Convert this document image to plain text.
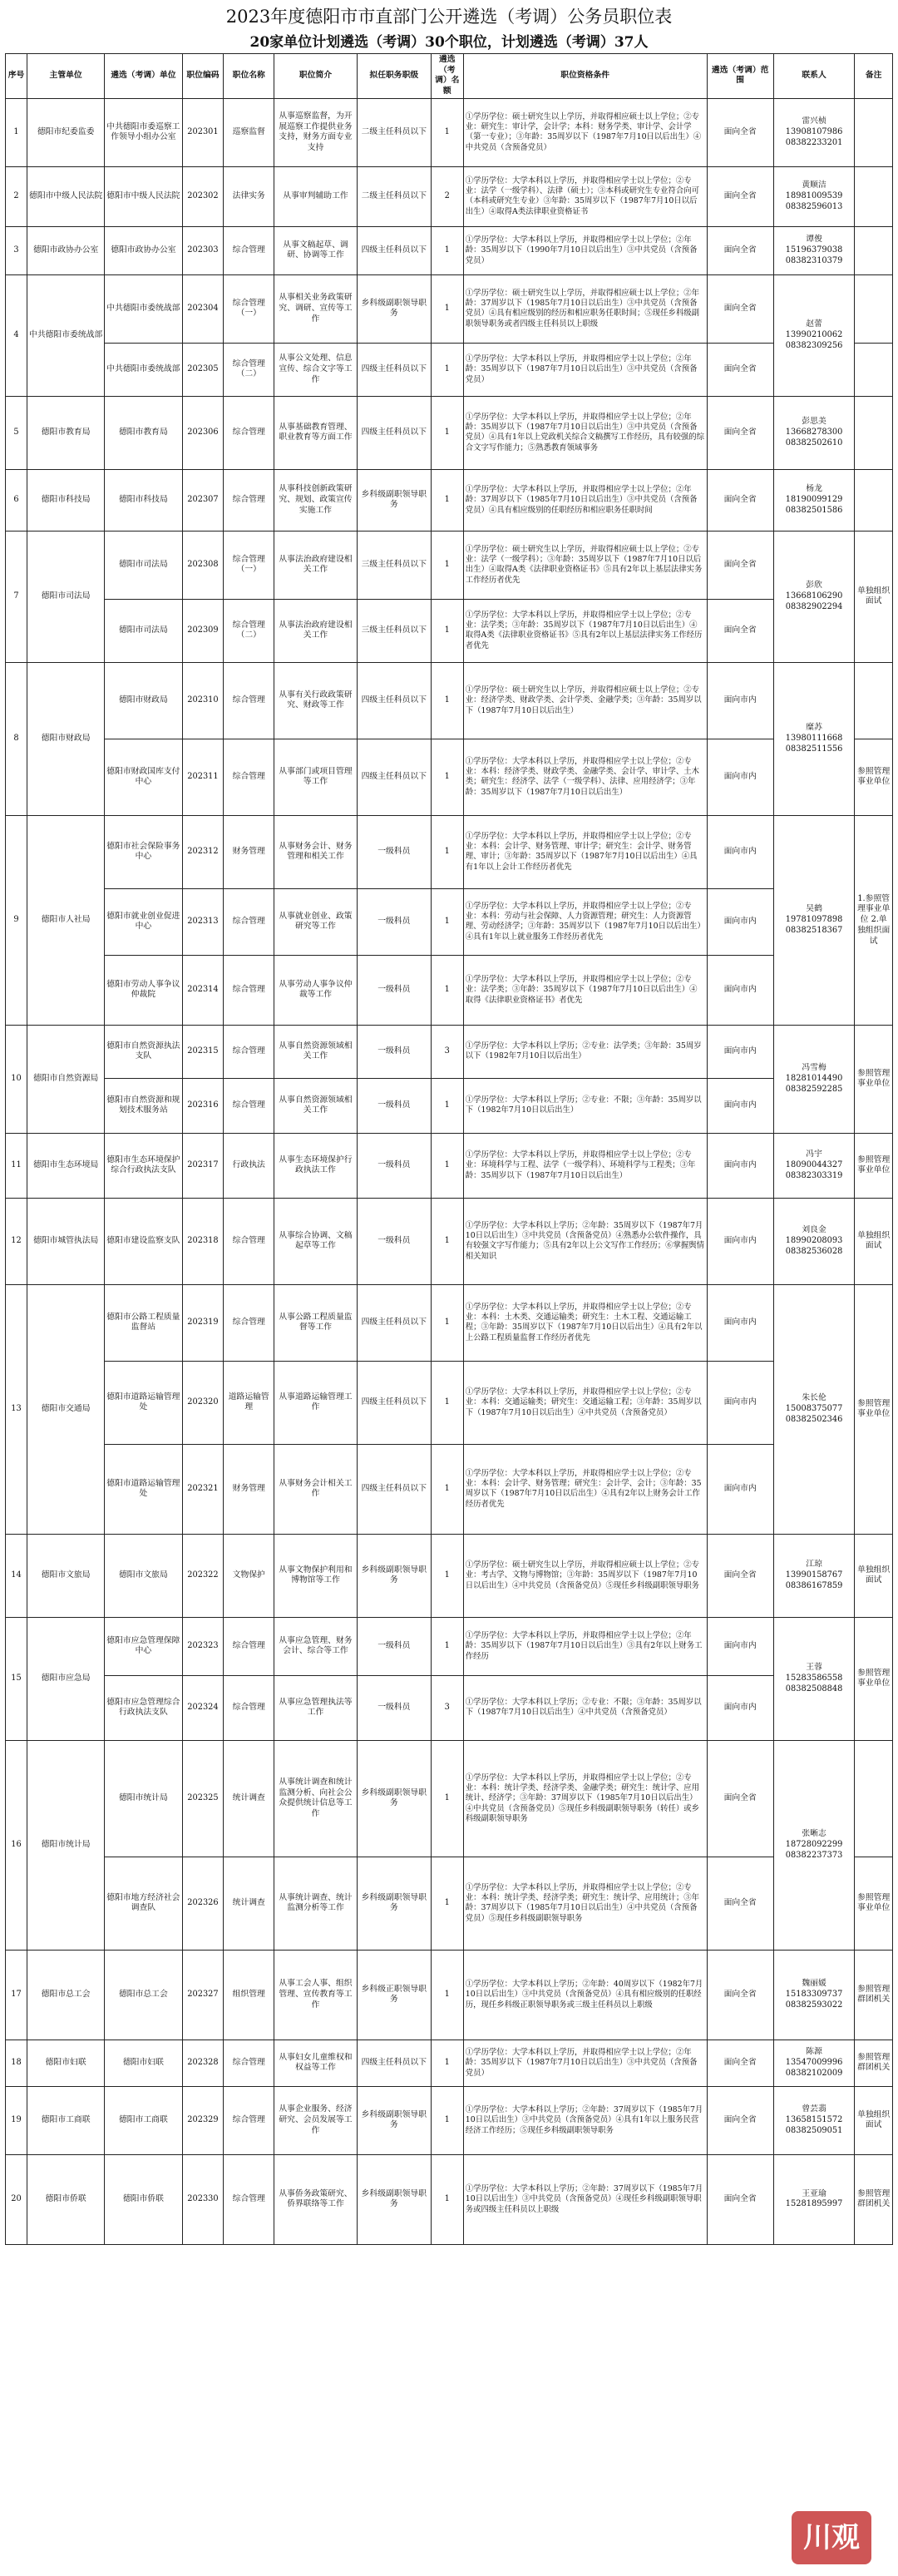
2023年度德阳市市直部门公开遴选（考调）公务员职位表
20家单位计划遴选（考调）30个职位，计划遴选（考调）37人
序号	主管单位	遴选（考调）单位	职位编码	职位名称	职位简介	拟任职务职级	遴选（考调）名额	职位资格条件	遴选（考调）范围	联系人	备注
1	德阳市纪委监委	中共德阳市委巡察工作领导小组办公室	202301	巡察监督	从事巡察监督，为开展巡察工作提供业务支持，财务方面专业支持	二级主任科员以下	1	①学历学位：硕士研究生以上学历，并取得相应硕士以上学位；②专业：研究生：审计学，会计学；本科：财务学类、审计学、会计学（第一专业）；③年龄：35周岁以下（1987年7月10日以后出生）④中共党员（含预备党员）	面向全省	雷兴桢
13908107986
08382233201	
2	德阳市中级人民法院	德阳市中级人民法院	202302	法律实务	从事审判辅助工作	二级主任科员以下	2	①学历学位：大学本科以上学历，并取得相应学士以上学位；②专业：法学（一级学科）、法律（硕士）；③本科或研究生专业符合向可（本科或研究生专业）③年龄：35周岁以下（1987年7月10日以后出生）④取得A类法律职业资格证书	面向全省	黄顺洁
18981009539
08382596013	
3	德阳市政协办公室	德阳市政协办公室	202303	综合管理	从事文稿起草、调研、协调等工作	四级主任科员以下	1	①学历学位：大学本科以上学历，并取得相应学士以上学位；②年龄：35周岁以下（1990年7月10日以后出生）③中共党员（含预备党员）	面向全省	谭俊
15196379038
08382310379	
4	中共德阳市委统战部	中共德阳市委统战部	202304	综合管理（一）	从事相关业务政策研究、调研、宣传等工作	乡科级副职领导职务	1	①学历学位：硕士研究生以上学历，并取得相应硕士以上学位；②年龄：37周岁以下（1985年7月10日以后出生）③中共党员（含预备党员）④具有相应级别的经历和相应职务任职时间；⑤现任乡科级副职领导职务或者四级主任科员以上职级	面向全省	赵蕾
13990210062
08382309256	
		中共德阳市委统战部	202305	综合管理（二）	从事公文处理、信息宣传、综合文字等工作	四级主任科员以下	1	①学历学位：大学本科以上学历，并取得相应学士以上学位；②年龄：35周岁以下（1987年7月10日以后出生）③中共党员（含预备党员）	面向全省		
5	德阳市教育局	德阳市教育局	202306	综合管理	从事基础教育管理、职业教育等方面工作	四级主任科员以下	1	①学历学位：大学本科以上学历，并取得相应学士以上学位；②年龄：35周岁以下（1987年7月10日以后出生）③中共党员（含预备党员）④具有1年以上党政机关综合文稿撰写工作经历，具有较强的综合文字写作能力；⑤熟悉教育领域事务	面向全省	彭思美
13668278300
08382502610	
6	德阳市科技局	德阳市科技局	202307	综合管理	从事科技创新政策研究、规划、政策宣传实施工作	乡科级副职领导职务	1	①学历学位：大学本科以上学历，并取得相应学士以上学位；②年龄：37周岁以下（1985年7月10日以后出生）③中共党员（含预备党员）④具有相应级别的任职经历和相应职务任职时间	面向全省	杨龙
18190099129
08382501586	
7	德阳市司法局	德阳市司法局	202308	综合管理（一）	从事法治政府建设相关工作	三级主任科员以下	1	①学历学位：硕士研究生以上学历，并取得相应硕士以上学位；②专业：法学（一级学科）；③年龄：35周岁以下（1987年7月10日以后出生）④取得A类《法律职业资格证书》⑤具有2年以上基层法律实务工作经历者优先	面向全省	彭欣
13668106290
08382902294	单独组织面试
		德阳市司法局	202309	综合管理（二）	从事法治政府建设相关工作	三级主任科员以下	1	①学历学位：大学本科以上学历，并取得相应学士以上学位；②专业：法学类；③年龄：35周岁以下（1987年7月10日以后出生）④取得A类《法律职业资格证书》⑤具有2年以上基层法律实务工作经历者优先	面向全省		
8	德阳市财政局	德阳市财政局	202310	综合管理	从事有关行政政策研究、财政等工作	四级主任科员以下	1	①学历学位：硕士研究生以上学历，并取得相应硕士以上学位；②专业：经济学类、财政学类、会计学类、金融学类；③年龄：35周岁以下（1987年7月10日以后出生）	面向市内	糜苏
13980111668
08382511556	
		德阳市财政国库支付中心	202311	综合管理	从事部门或项目管理等工作	四级主任科员以下	1	①学历学位：大学本科以上学历，并取得相应学士以上学位；②专业：本科：经济学类、财政学类、金融学类、会计学、审计学、土木类；研究生：经济学、法学（一级学科）、法律、应用经济学；③年龄：35周岁以下（1987年7月10日以后出生）	面向市内		参照管理事业单位
9	德阳市人社局	德阳市社会保险事务中心	202312	财务管理	从事财务会计、财务管理和相关工作	一级科员	1	①学历学位：大学本科以上学历，并取得相应学士以上学位；②专业：本科：会计学、财务管理、审计学；研究生：会计学、财务管理、审计；③年龄：35周岁以下（1987年7月10日以后出生）④具有1年以上会计工作经历者优先	面向市内	吴鹤
19781097898
08382518367	1.参照管理事业单位 2.单独组织面试
		德阳市就业创业促进中心	202313	综合管理	从事就业创业、政策研究等工作	一级科员	1	①学历学位：大学本科以上学历，并取得相应学士以上学位；②专业：本科：劳动与社会保障、人力资源管理；研究生：人力资源管理、劳动经济学；③年龄：35周岁以下（1987年7月10日以后出生）④具有1年以上就业服务工作经历者优先	面向市内		
		德阳市劳动人事争议仲裁院	202314	综合管理	从事劳动人事争议仲裁等工作	一级科员	1	①学历学位：大学本科以上学历，并取得相应学士以上学位；②专业：法学类；③年龄：35周岁以下（1987年7月10日以后出生）④取得《法律职业资格证书》者优先	面向市内		
10	德阳市自然资源局	德阳市自然资源执法支队	202315	综合管理	从事自然资源领域相关工作	一级科员	3	①学历学位：大学本科以上学历；②专业：法学类；③年龄：35周岁以下（1982年7月10日以后出生）	面向市内	冯雪梅
18281014490
08382592285	参照管理事业单位
		德阳市自然资源和规划技术服务站	202316	综合管理	从事自然资源领域相关工作	一级科员	1	①学历学位：大学本科以上学历；②专业：不限；③年龄：35周岁以下（1982年7月10日以后出生）	面向市内		
11	德阳市生态环境局	德阳市生态环境保护综合行政执法支队	202317	行政执法	从事生态环境保护行政执法工作	一级科员	1	①学历学位：大学本科以上学历，并取得相应学士以上学位；②专业：环境科学与工程、法学（一级学科）、环境科学与工程类；③年龄：35周岁以下（1987年7月10日以后出生）	面向市内	冯宇
18090044327
08382303319	参照管理事业单位
12	德阳市城管执法局	德阳市建设监察支队	202318	综合管理	从事综合协调、文稿起草等工作	一级科员	1	①学历学位：大学本科以上学历；②年龄：35周岁以下（1987年7月10日以后出生）③中共党员（含预备党员）④熟悉办公软件操作，具有较强文字写作能力；⑤具有2年以上公文写作工作经历；⑥掌握舆情相关知识	面向市内	刘良金
18990208093
08382536028	单独组织面试
13	德阳市交通局	德阳市公路工程质量监督站	202319	综合管理	从事公路工程质量监督等工作	四级主任科员以下	1	①学历学位：大学本科以上学历，并取得相应学士以上学位；②专业：本科：土木类、交通运输类；研究生：土木工程、交通运输工程；③年龄：35周岁以下（1987年7月10日以后出生）④具有2年以上公路工程质量监督工作经历者优先	面向市内	朱长伦
15008375077
08382502346	参照管理事业单位
		德阳市道路运输管理处	202320	道路运输管理	从事道路运输管理工作	四级主任科员以下	1	①学历学位：大学本科以上学历，并取得相应学士以上学位；②专业：本科：交通运输类；研究生：交通运输工程；③年龄：35周岁以下（1987年7月10日以后出生）④中共党员（含预备党员）	面向市内		
		德阳市道路运输管理处	202321	财务管理	从事财务会计相关工作	四级主任科员以下	1	①学历学位：大学本科以上学历，并取得相应学士以上学位；②专业：本科：会计学、财务管理；研究生：会计学、会计；③年龄：35周岁以下（1987年7月10日以后出生）④具有2年以上财务会计工作经历者优先	面向市内		
14	德阳市文旅局	德阳市文旅局	202322	文物保护	从事文物保护利用和博物馆等工作	乡科级副职领导职务	1	①学历学位：硕士研究生以上学历，并取得相应硕士以上学位；②专业：考古学、文物与博物馆；③年龄：35周岁以下（1987年7月10日以后出生）④中共党员（含预备党员）⑤现任乡科级副职领导职务	面向全省	江琼
13990158767
08386167859	单独组织面试
15	德阳市应急局	德阳市应急管理保障中心	202323	综合管理	从事应急管理、财务会计、综合等工作	一级科员	1	①学历学位：大学本科以上学历，并取得相应学士以上学位；②年龄：35周岁以下（1987年7月10日以后出生）③具有2年以上财务工作经历	面向市内	王蓉
15283586558
08382508848	参照管理事业单位
		德阳市应急管理综合行政执法支队	202324	综合管理	从事应急管理执法等工作	一级科员	3	①学历学位：大学本科以上学历；②专业：不限；③年龄：35周岁以下（1987年7月10日以后出生）④中共党员（含预备党员）	面向市内		
16	德阳市统计局	德阳市统计局	202325	统计调查	从事统计调查和统计监测分析、向社会公众提供统计信息等工作	乡科级副职领导职务	1	①学历学位：大学本科以上学历，并取得相应学士以上学位；②专业：本科：统计学类、经济学类、金融学类；研究生：统计学、应用统计、经济学；③年龄：37周岁以下（1985年7月10日以后出生）④中共党员（含预备党员）⑤现任乡科级副职领导职务（转任）或乡科级副职领导职务	面向全省	张晰志
18728092299
08382237373	
		德阳市地方经济社会调查队	202326	统计调查	从事统计调查、统计监测分析等工作	乡科级副职领导职务	1	①学历学位：大学本科以上学历，并取得相应学士以上学位；②专业：本科：统计学类、经济学类；研究生：统计学、应用统计；③年龄：37周岁以下（1985年7月10日以后出生）④中共党员（含预备党员）⑤现任乡科级副职领导职务	面向全省		参照管理事业单位
17	德阳市总工会	德阳市总工会	202327	组织管理	从事工会人事、组织管理、宣传教育等工作	乡科级正职领导职务	1	①学历学位：大学本科以上学历；②年龄：40周岁以下（1982年7月10日以后出生）③中共党员（含预备党员）④具有相应级别的任职经历，现任乡科级正职领导职务或三级主任科员以上职级	面向全省	魏丽媛
15183309737
08382593022	参照管理群团机关
18	德阳市妇联	德阳市妇联	202328	综合管理	从事妇女儿童维权和权益等工作	四级主任科员以下	1	①学历学位：大学本科以上学历，并取得相应学士以上学位；②年龄：35周岁以下（1987年7月10日以后出生）③中共党员（含预备党员）	面向全省	陈源
13547009996
08382102009	参照管理群团机关
19	德阳市工商联	德阳市工商联	202329	综合管理	从事企业服务、经济研究、会员发展等工作	乡科级副职领导职务	1	①学历学位：大学本科以上学历；②年龄：37周岁以下（1985年7月10日以后出生）③中共党员（含预备党员）④具有1年以上服务民营经济工作经历；⑤现任乡科级副职领导职务	面向全省	曾芸翡
13658151572
08382509051	单独组织面试
20	德阳市侨联	德阳市侨联	202330	综合管理	从事侨务政策研究、侨界联络等工作	乡科级副职领导职务	1	①学历学位：大学本科以上学历；②年龄：37周岁以下（1985年7月10日以后出生）③中共党员（含预备党员）④现任乡科级副职领导职务或四级主任科员以上职级	面向全省	王亚瑜
15281895997	参照管理群团机关
川观
